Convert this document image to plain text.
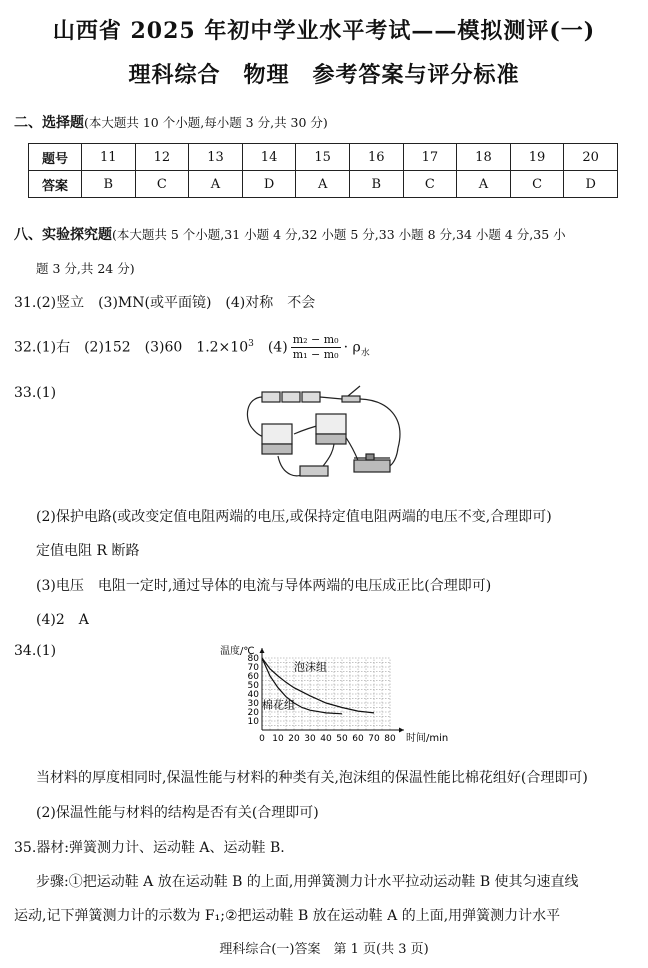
山西省 2025 年初中学业水平考试——模拟测评(一)
理科综合　物理　参考答案与评分标准
二、选择题(本大题共 10 个小题,每小题 3 分,共 30 分)
题号	11	12	13	14	15	16	17	18	19	20
答案	B	C	A	D	A	B	C	A	C	D
八、实验探究题(本大题共 5 个小题,31 小题 4 分,32 小题 5 分,33 小题 8 分,34 小题 4 分,35 小
题 3 分,共 24 分)
31.(2)竖立　(3)MN(或平面镜)　(4)对称　不会
32.(1)右　(2)152　(3)60　$1.2\times 10^3$　$(4) \frac{\text{m₂ − m₀}}{\text{m₁ − m₀}} \cdot \rho_水$
33.(1)
(2)保护电路(或改变定值电阻两端的电压,或保持定值电阻两端的电压不变,合理即可)
定值电阻 R 断路
(3)电压　电阻一定时,通过导体的电流与导体两端的电压成正比(合理即可)
(4)2　A
34.(1)
0 10 20 30 40 50 60 70 80
10
20
30
40
50
60
70
80
温度/℃
时间/min
泡沫组
棉花组
当材料的厚度相同时,保温性能与材料的种类有关,泡沫组的保温性能比棉花组好(合理即可)
(2)保温性能与材料的结构是否有关(合理即可)
35.器材:弹簧测力计、运动鞋 A、运动鞋 B.
步骤:①把运动鞋 A 放在运动鞋 B 的上面,用弹簧测力计水平拉动运动鞋 B 使其匀速直线
运动,记下弹簧测力计的示数为 F₁;②把运动鞋 B 放在运动鞋 A 的上面,用弹簧测力计水平
理科综合(一)答案　第 1 页(共 3 页)
